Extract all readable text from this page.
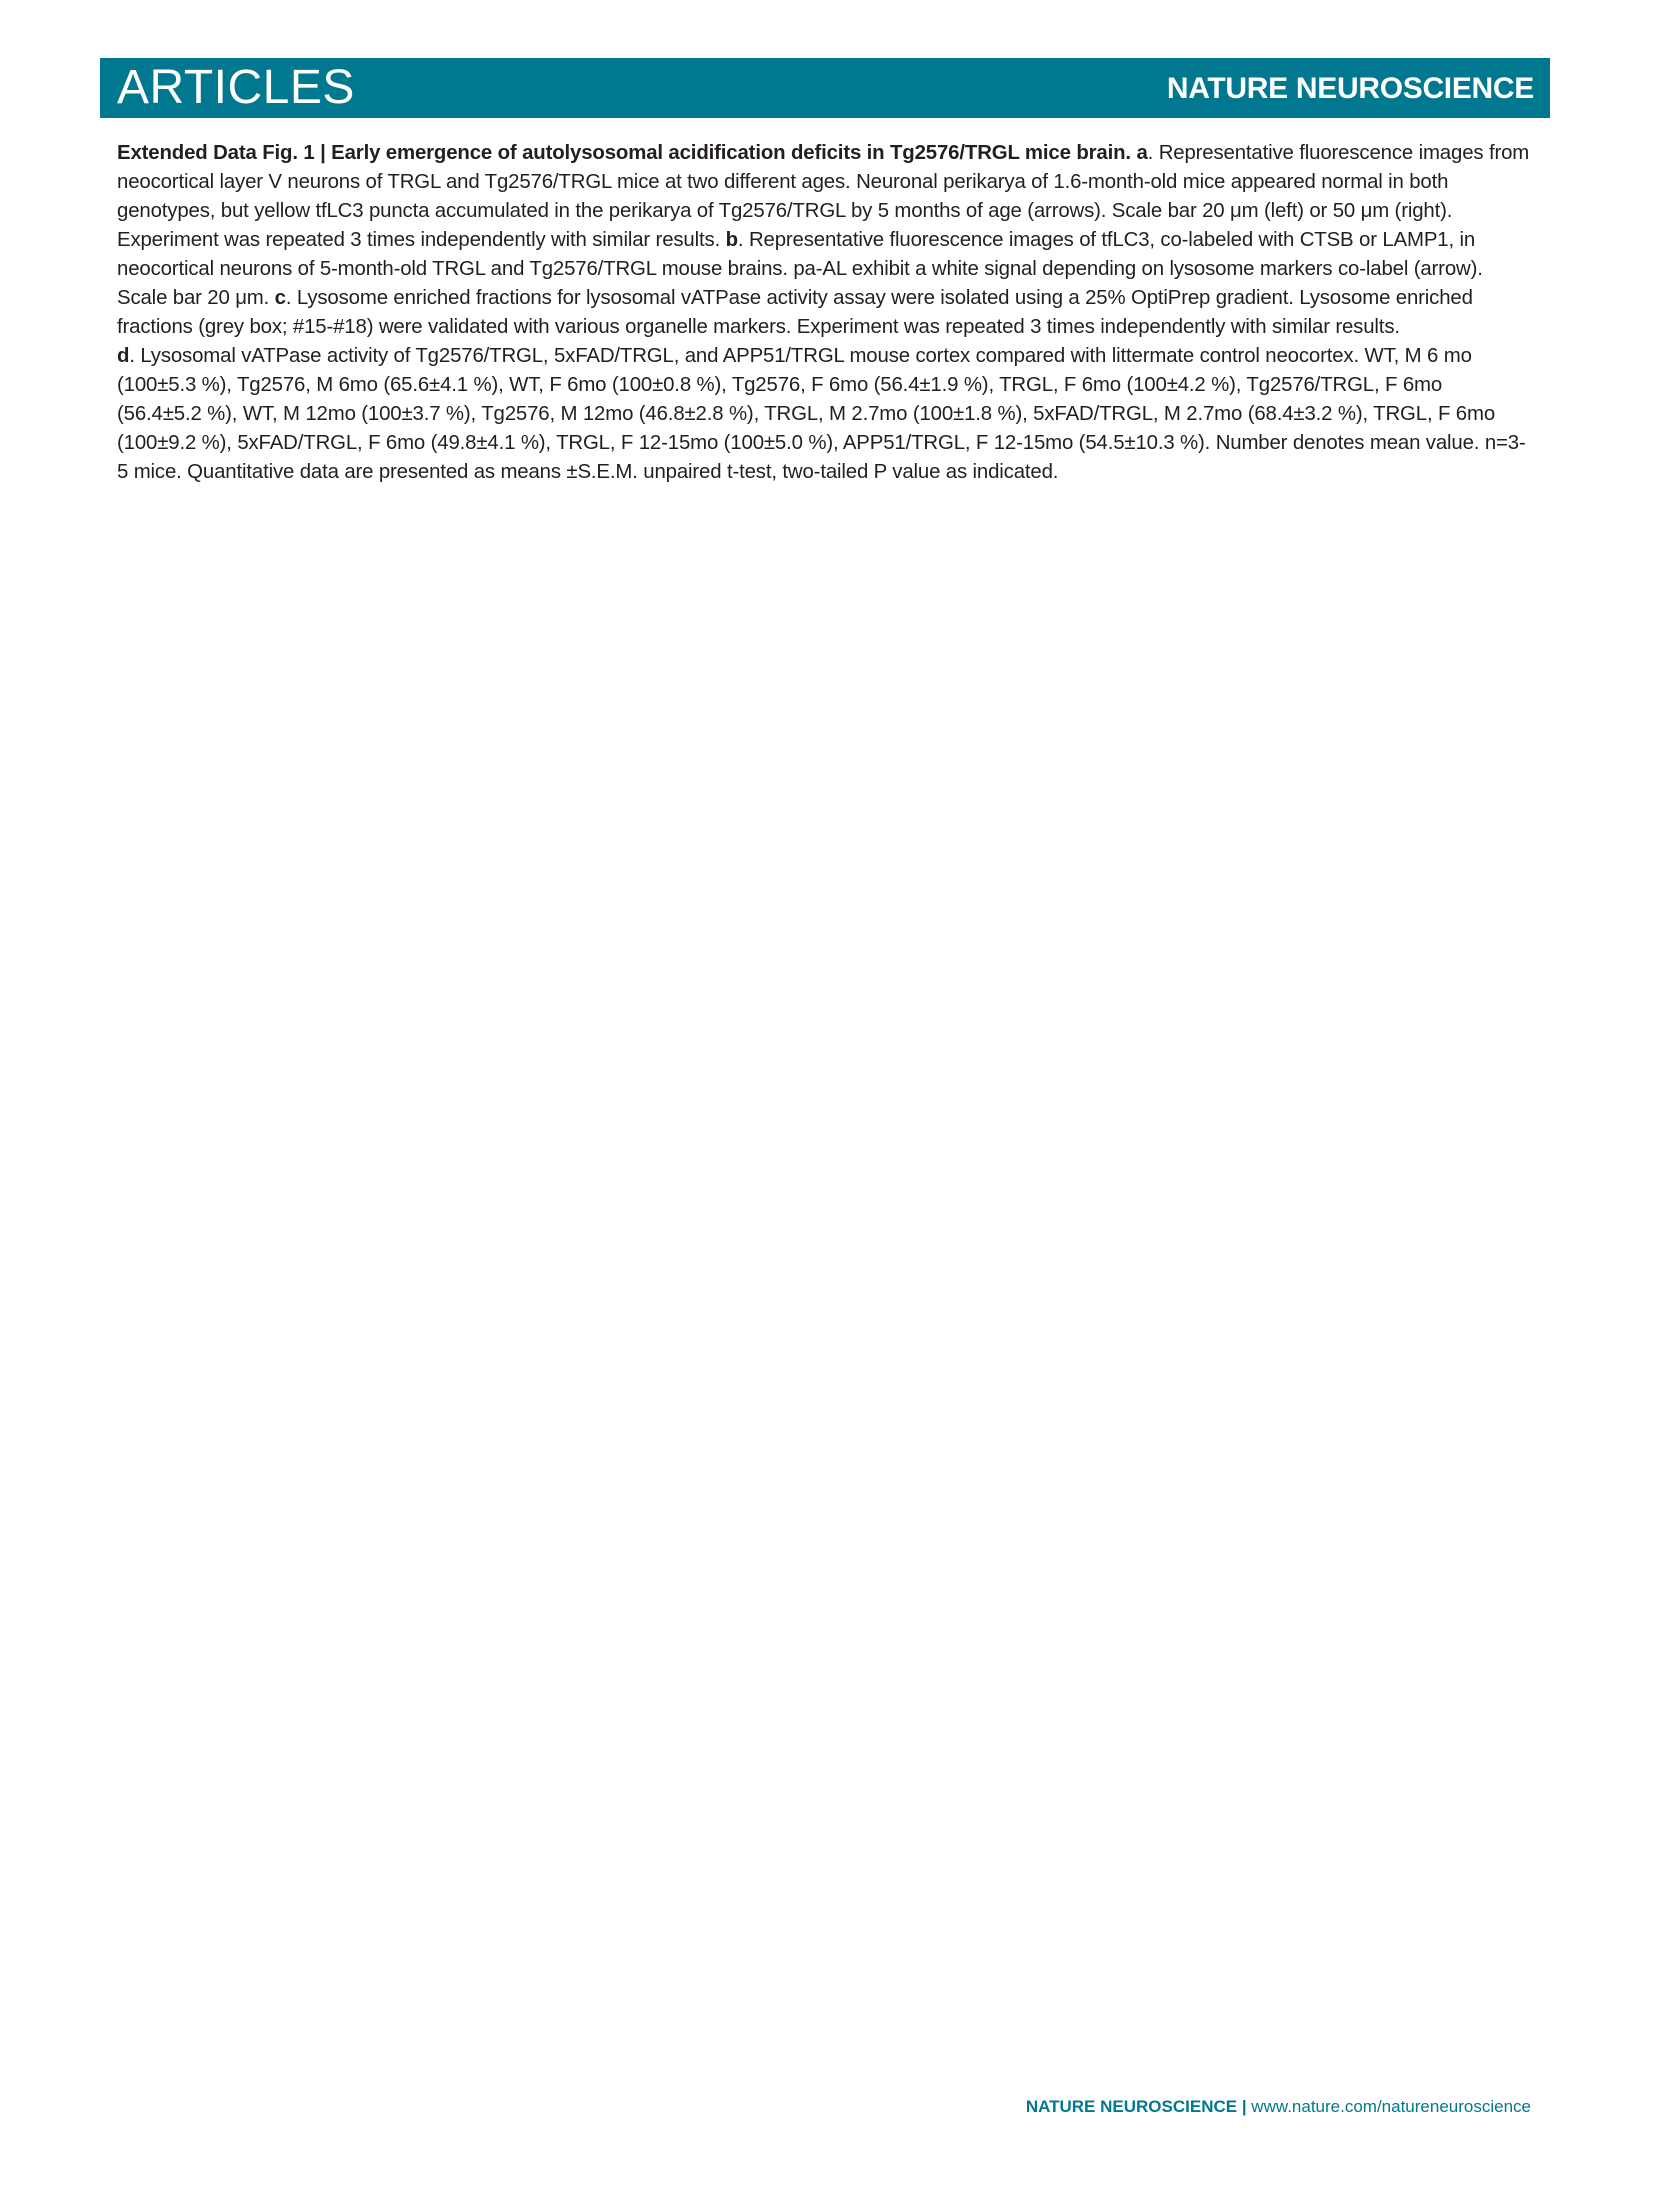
ARTICLES	NATURE NEUROSCIENCE

Extended Data Fig. 1 | Early emergence of autolysosomal acidification deficits in Tg2576/TRGL mice brain. a. Representative fluorescence images from neocortical layer V neurons of TRGL and Tg2576/TRGL mice at two different ages. Neuronal perikarya of 1.6-month-old mice appeared normal in both genotypes, but yellow tfLC3 puncta accumulated in the perikarya of Tg2576/TRGL by 5 months of age (arrows). Scale bar 20 μm (left) or 50 μm (right). Experiment was repeated 3 times independently with similar results. b. Representative fluorescence images of tfLC3, co-labeled with CTSB or LAMP1, in neocortical neurons of 5-month-old TRGL and Tg2576/TRGL mouse brains. pa-AL exhibit a white signal depending on lysosome markers co-label (arrow). Scale bar 20 μm. c. Lysosome enriched fractions for lysosomal vATPase activity assay were isolated using a 25% OptiPrep gradient. Lysosome enriched fractions (grey box; #15-#18) were validated with various organelle markers. Experiment was repeated 3 times independently with similar results.
d. Lysosomal vATPase activity of Tg2576/TRGL, 5xFAD/TRGL, and APP51/TRGL mouse cortex compared with littermate control neocortex. WT, M 6 mo (100±5.3 %), Tg2576, M 6mo (65.6±4.1 %), WT, F 6mo (100±0.8 %), Tg2576, F 6mo (56.4±1.9 %), TRGL, F 6mo (100±4.2 %), Tg2576/TRGL, F 6mo (56.4±5.2 %), WT, M 12mo (100±3.7 %), Tg2576, M 12mo (46.8±2.8 %), TRGL, M 2.7mo (100±1.8 %), 5xFAD/TRGL, M 2.7mo (68.4±3.2 %), TRGL, F 6mo (100±9.2 %), 5xFAD/TRGL, F 6mo (49.8±4.1 %), TRGL, F 12-15mo (100±5.0 %), APP51/TRGL, F 12-15mo (54.5±10.3 %). Number denotes mean value. n=3-5 mice. Quantitative data are presented as means ±S.E.M. unpaired t-test, two-tailed P value as indicated.

NATURE NEUROSCIENCE | www.nature.com/natureneuroscience
